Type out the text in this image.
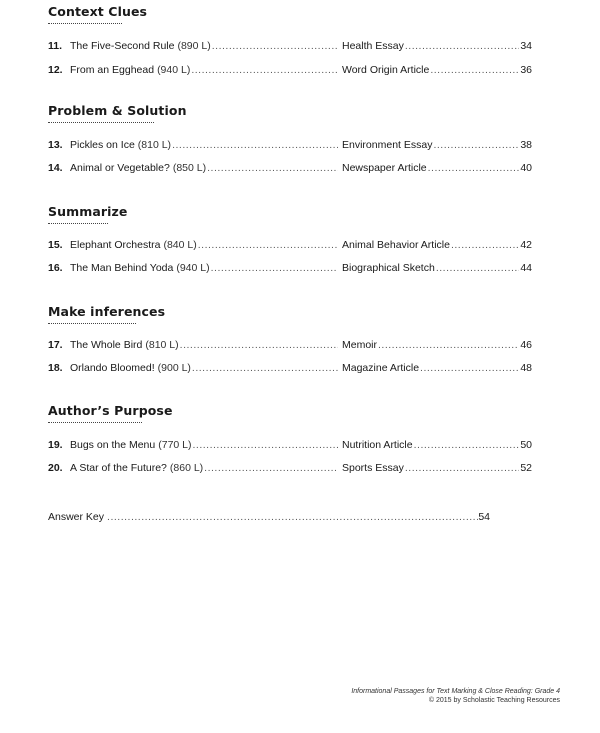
Context Clues
11. The Five-Second Rule (890 L) .....	Health Essay .....	34
12. From an Egghead (940 L) .....	Word Origin Article .....	36
Problem & Solution
13. Pickles on Ice (810 L) .....	Environment Essay .....	38
14. Animal or Vegetable? (850 L) .....	Newspaper Article .....	40
Summarize
15. Elephant Orchestra (840 L) .....	Animal Behavior Article .....	42
16. The Man Behind Yoda (940 L) .....	Biographical Sketch .....	44
Make inferences
17. The Whole Bird (810 L) .....	Memoir .....	46
18. Orlando Bloomed! (900 L) .....	Magazine Article .....	48
Author’s Purpose
19. Bugs on the Menu (770 L) .....	Nutrition Article .....	50
20. A Star of the Future? (860 L) .....	Sports Essay .....	52
Answer Key .....	54
Informational Passages for Text Marking & Close Reading: Grade 4
© 2015 by Scholastic Teaching Resources
